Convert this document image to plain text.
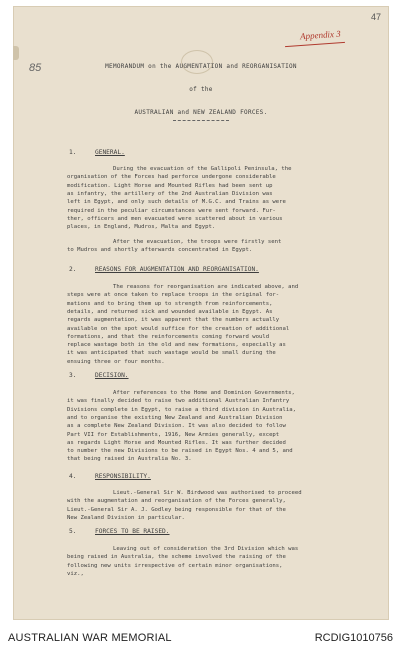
47
Appendix 3
85	MEMORANDUM on the AUGMENTATION and REORGANISATION
of the
AUSTRALIAN and NEW ZEALAND FORCES.
1.	GENERAL.
During the evacuation of the Gallipoli Peninsula, the
organisation of the Forces had perforce undergone considerable
modification. Light Horse and Mounted Rifles had been sent up
as infantry, the artillery of the 2nd Australian Division was
left in Egypt, and only such details of M.G.C. and Trains as were
required in the peculiar circumstances were sent forward. Fur-
ther, officers and men evacuated were scattered about in various
places, in England, Mudros, Malta and Egypt.
After the evacuation, the troops were firstly sent
to Mudros and shortly afterwards concentrated in Egypt.
2.	REASONS FOR AUGMENTATION AND REORGANISATION.
The reasons for reorganisation are indicated above, and
steps were at once taken to replace troops in the original for-
mations and to bring them up to strength from reinforcements,
details, and returned sick and wounded available in Egypt. As
regards augmentation, it was apparent that the numbers actually
available on the spot would suffice for the creation of additional
formations, and that the reinforcements coming forward would
replace wastage both in the old and new formations, especially as
it was anticipated that such wastage would be small during the
ensuing three or four months.
3.	DECISION.
After references to the Home and Dominion Governments,
it was finally decided to raise two additional Australian Infantry
Divisions complete in Egypt, to raise a third division in Australia,
and to organise the existing New Zealand and Australian Division
as a complete New Zealand Division. It was also decided to follow
Part VII for Establishments, 1916, New Armies generally, except
as regards Light Horse and Mounted Rifles. It was further decided
to number the new Divisions to be raised in Egypt Nos. 4 and 5, and
that being raised in Australia No. 3.
4.	RESPONSIBILITY.
Lieut.-General Sir W. Birdwood was authorised to proceed
with the augmentation and reorganisation of the Forces generally,
Lieut.-General Sir A. J. Godley being responsible for that of the
New Zealand Division in particular.
5.	FORCES TO BE RAISED.
Leaving out of consideration the 3rd Division which was
being raised in Australia, the scheme involved the raising of the
following new units irrespective of certain minor organisations,
viz.,
AUSTRALIAN WAR MEMORIAL	RCDIG1010756
